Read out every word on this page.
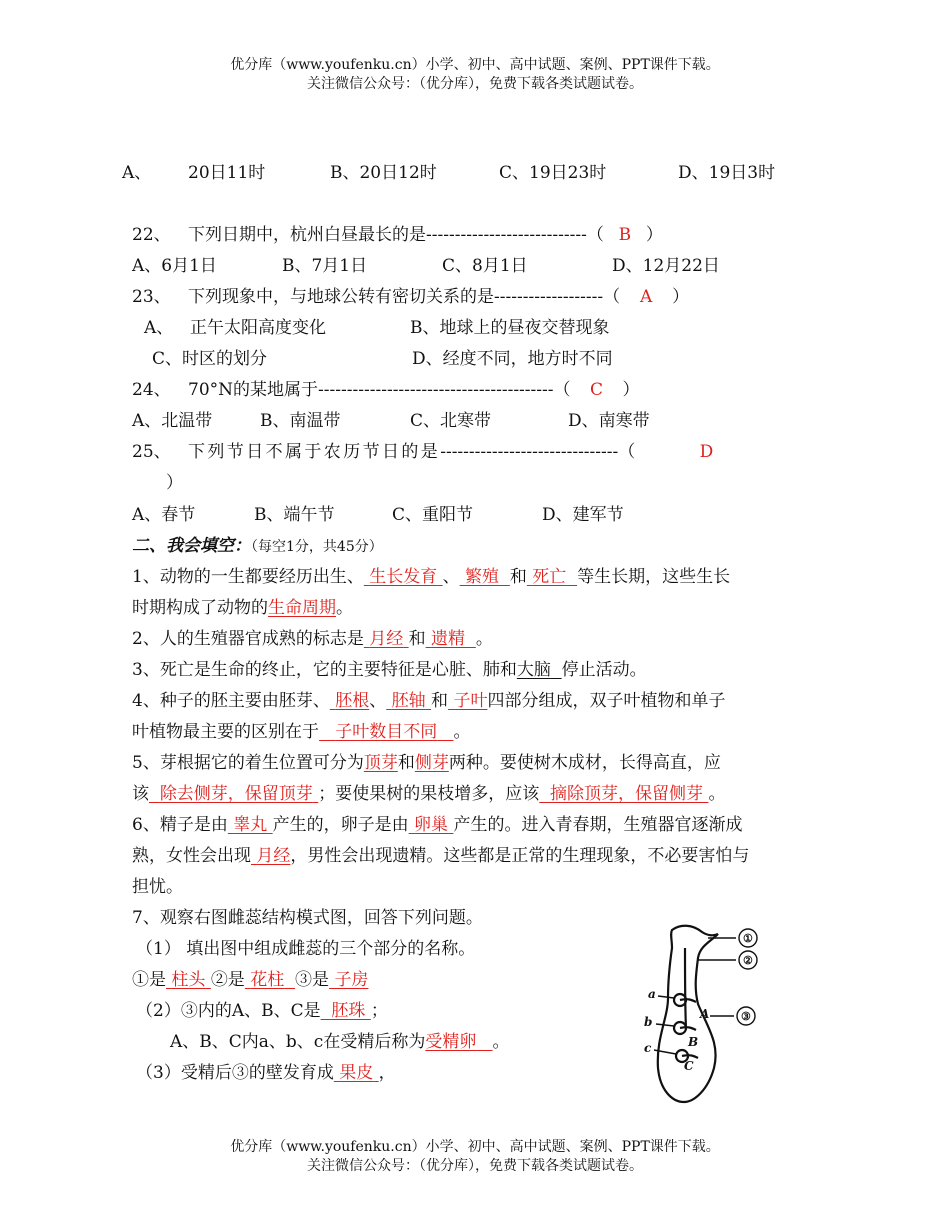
优分库（www.youfenku.cn）小学、初中、高中试题、案例、PPT课件下载。
关注微信公众号：（优分库），免费下载各类试题试卷。
A、 20日11时	B、20日12时	C、19日23时	D、19日3时
22、 下列日期中，杭州白昼最长的是----------------------------（ B ）
A、6月1日	B、7月1日	C、8月1日	D、12月22日
23、 下列现象中，与地球公转有密切关系的是-------------------（ A ）
A、 正午太阳高度变化	B、地球上的昼夜交替现象
C、时区的划分	D、经度不同，地方时不同
24、 70°N的某地属于-----------------------------------------（ C ）
A、北温带	B、南温带	C、北寒带	D、南寒带
25、 下列节日不属于农历节日的是-------------------------------（	D
）
A、春节	B、端午节	C、重阳节	D、建军节
二、我会填空：（每空1分，共45分）
1、动物的一生都要经历出生、 生长发育 、 繁殖 和 死亡 等生长期，这些生长
时期构成了动物的生命周期。
2、人的生殖器官成熟的标志是 月经 和 遗精 。
3、死亡是生命的终止，它的主要特征是心脏、肺和大脑 停止活动。
4、种子的胚主要由胚芽、 胚根、 胚轴 和 子叶四部分组成，双子叶植物和单子
叶植物最主要的区别在于 子叶数目不同 。
5、芽根据它的着生位置可分为顶芽和侧芽两种。要使树木成材，长得高直，应
该 除去侧芽，保留顶芽 ；要使果树的果枝增多，应该 摘除顶芽，保留侧芽 。
6、精子是由 睾丸 产生的，卵子是由 卵巢 产生的。进入青春期，生殖器官逐渐成
熟，女性会出现 月经，男性会出现遗精。这些都是正常的生理现象，不必要害怕与
担忧。
7、观察右图雌蕊结构模式图，回答下列问题。
（1） 填出图中组成雌蕊的三个部分的名称。
①是 柱头 ②是 花柱 ③是 子房
（2）③内的A、B、C是 胚珠 ；
A、B、C内a、b、c在受精后称为受精卵 。
（3）受精后③的壁发育成 果皮 ，
①
②
③
a
b
c
A
B
C
优分库（www.youfenku.cn）小学、初中、高中试题、案例、PPT课件下载。
关注微信公众号：（优分库），免费下载各类试题试卷。
